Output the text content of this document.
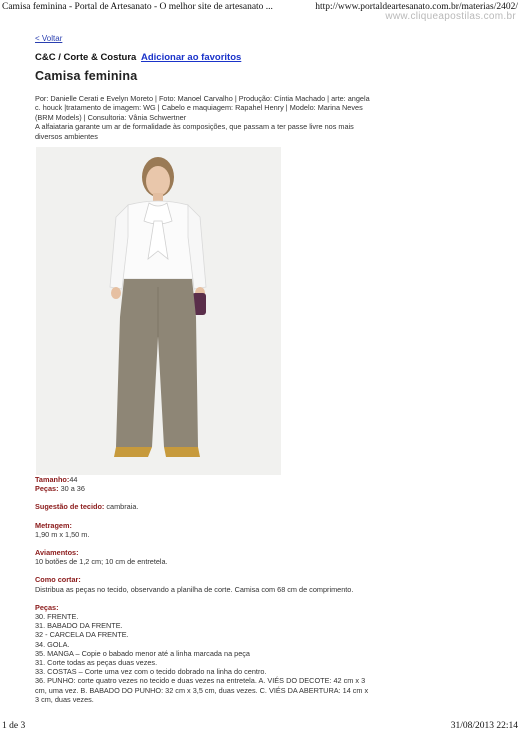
Camisa feminina - Portal de Artesanato - O melhor site de artesanato ...	http://www.portaldeartesanato.com.br/materias/2402/
www.cliqueapostilas.com.br
< Voltar
C&C / Corte & Costura Adicionar ao favoritos
Camisa feminina

Por: Danielle Cerati e Evelyn Moreto | Foto: Manoel Carvalho | Produção: Cíntia Machado | arte: angela c. houck |tratamento de imagem: WG | Cabelo e maquiagem: Rapahel Henry | Modelo: Marina Neves (BRM Models) | Consultoria: Vânia Schwertner

A alfaiataria garante um ar de formalidade às composições, que passam a ter passe livre nos mais diversos ambientes

Tamanho:44
Peças: 30 a 36
Sugestão de tecido: cambraia.
Metragem:
1,90 m x 1,50 m.
Aviamentos:
10 botões de 1,2 cm; 10 cm de entretela.
Como cortar:
Distribua as peças no tecido, observando a planilha de corte. Camisa com 68 cm de comprimento.
Peças:
30. FRENTE.
31. BABADO DA FRENTE.
32 - CARCELA DA FRENTE.
34. GOLA.
35. MANGA – Copie o babado menor até a linha marcada na peça
31. Corte todas as peças duas vezes.
33. COSTAS – Corte uma vez com o tecido dobrado na linha do centro.
36. PUNHO: corte quatro vezes no tecido e duas vezes na entretela. A. VIÉS DO DECOTE: 42 cm x 3 cm, uma vez. B. BABADO DO PUNHO: 32 cm x 3,5 cm, duas vezes. C. VIÉS DA ABERTURA: 14 cm x 3 cm, duas vezes.
1 de 3	31/08/2013 22:14
